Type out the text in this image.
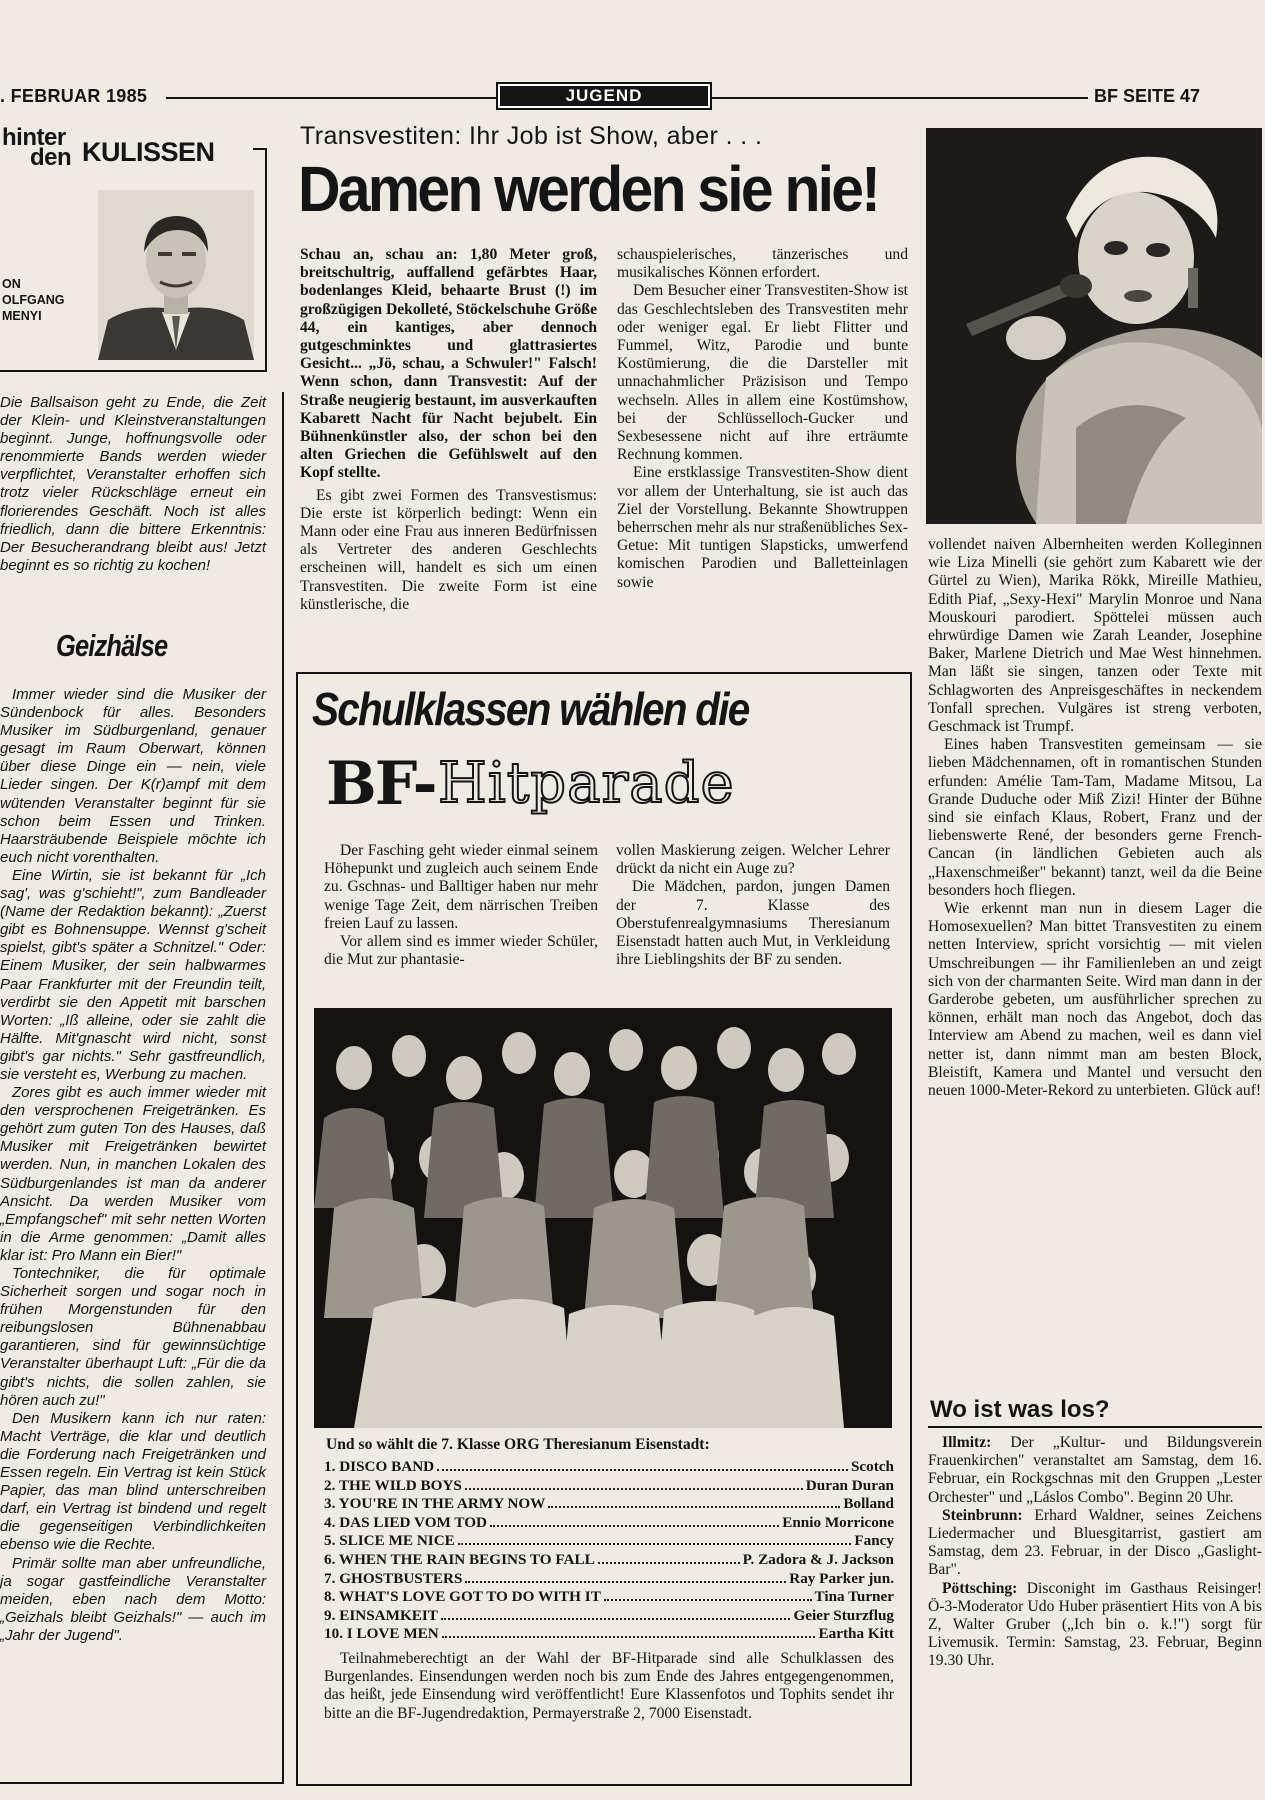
. FEBRUAR 1985	JUGEND	BF SEITE 47
hinter
den KULISSEN
ON
OLFGANG
MENYI
Die Ballsaison geht zu Ende, die Zeit der Klein- und Kleinstveranstaltungen beginnt. Junge, hoffnungsvolle oder renommierte Bands werden wieder verpflichtet, Veranstalter erhoffen sich trotz vieler Rückschläge erneut ein florierendes Geschäft. Noch ist alles friedlich, dann die bittere Erkenntnis: Der Besucherandrang bleibt aus! Jetzt beginnt es so richtig zu kochen!
Geizhälse

Immer wieder sind die Musiker der Sündenbock für alles. Besonders Musiker im Südburgenland, genauer gesagt im Raum Oberwart, können über diese Dinge ein — nein, viele Lieder singen. Der K(r)ampf mit dem wütenden Veranstalter beginnt für sie schon beim Essen und Trinken. Haarsträubende Beispiele möchte ich euch nicht vorenthalten.

Eine Wirtin, sie ist bekannt für „Ich sag', was g'schieht!", zum Bandleader (Name der Redaktion bekannt): „Zuerst gibt es Bohnensuppe. Wennst g'scheit spielst, gibt's später a Schnitzel." Oder: Einem Musiker, der sein halbwarmes Paar Frankfurter mit der Freundin teilt, verdirbt sie den Appetit mit barschen Worten: „Iß alleine, oder sie zahlt die Hälfte. Mit'gnascht wird nicht, sonst gibt's gar nichts." Sehr gastfreundlich, sie versteht es, Werbung zu machen.

Zores gibt es auch immer wieder mit den versprochenen Freigetränken. Es gehört zum guten Ton des Hauses, daß Musiker mit Freigetränken bewirtet werden. Nun, in manchen Lokalen des Südburgenlandes ist man da anderer Ansicht. Da werden Musiker vom „Empfangschef" mit sehr netten Worten in die Arme genommen: „Damit alles klar ist: Pro Mann ein Bier!"

Tontechniker, die für optimale Sicherheit sorgen und sogar noch in frühen Morgenstunden für den reibungslosen Bühnenabbau garantieren, sind für gewinnsüchtige Veranstalter überhaupt Luft: „Für die da gibt's nichts, die sollen zahlen, sie hören auch zu!"

Den Musikern kann ich nur raten: Macht Verträge, die klar und deutlich die Forderung nach Freigetränken und Essen regeln. Ein Vertrag ist kein Stück Papier, das man blind unterschreiben darf, ein Vertrag ist bindend und regelt die gegenseitigen Verbindlichkeiten ebenso wie die Rechte.

Primär sollte man aber unfreundliche, ja sogar gastfeindliche Veranstalter meiden, eben nach dem Motto: „Geizhals bleibt Geizhals!" — auch im „Jahr der Jugend".

Transvestiten: Ihr Job ist Show, aber . . .
Damen werden sie nie!

Schau an, schau an: 1,80 Meter groß, breitschultrig, auffallend gefärbtes Haar, bodenlanges Kleid, behaarte Brust (!) im großzügigen Dekolleté, Stöckelschuhe Größe 44, ein kantiges, aber dennoch gutgeschminktes und glattrasiertes Gesicht... „Jö, schau, a Schwuler!" Falsch! Wenn schon, dann Transvestit: Auf der Straße neugierig bestaunt, im ausverkauften Kabarett Nacht für Nacht bejubelt. Ein Bühnenkünstler also, der schon bei den alten Griechen die Gefühlswelt auf den Kopf stellte.

Es gibt zwei Formen des Transvestismus: Die erste ist körperlich bedingt: Wenn ein Mann oder eine Frau aus inneren Bedürfnissen als Vertreter des anderen Geschlechts erscheinen will, handelt es sich um einen Transvestiten. Die zweite Form ist eine künstlerische, die

schauspielerisches, tänzerisches und musikalisches Können erfordert.

Dem Besucher einer Transvestiten-Show ist das Geschlechtsleben des Transvestiten mehr oder weniger egal. Er liebt Flitter und Fummel, Witz, Parodie und bunte Kostümierung, die die Darsteller mit unnachahmlicher Präzisison und Tempo wechseln. Alles in allem eine Kostümshow, bei der Schlüsselloch-Gucker und Sexbesessene nicht auf ihre erträumte Rechnung kommen.

Eine erstklassige Transvestiten-Show dient vor allem der Unterhaltung, sie ist auch das Ziel der Vorstellung. Bekannte Showtruppen beherrschen mehr als nur straßenübliches Sex-Getue: Mit tuntigen Slapsticks, umwerfend komischen Parodien und Balletteinlagen sowie

vollendet naiven Albernheiten werden Kolleginnen wie Liza Minelli (sie gehört zum Kabarett wie der Gürtel zu Wien), Marika Rökk, Mireille Mathieu, Edith Piaf, „Sexy-Hexi" Marylin Monroe und Nana Mouskouri parodiert. Spöttelei müssen auch ehrwürdige Damen wie Zarah Leander, Josephine Baker, Marlene Dietrich und Mae West hinnehmen. Man läßt sie singen, tanzen oder Texte mit Schlagworten des Anpreisgeschäftes in neckendem Tonfall sprechen. Vulgäres ist streng verboten, Geschmack ist Trumpf.

Eines haben Transvestiten gemeinsam — sie lieben Mädchennamen, oft in romantischen Stunden erfunden: Amélie Tam-Tam, Madame Mitsou, La Grande Duduche oder Miß Zizi! Hinter der Bühne sind sie einfach Klaus, Robert, Franz und der liebenswerte René, der besonders gerne French-Cancan (in ländlichen Gebieten auch als „Haxenschmeißer" bekannt) tanzt, weil da die Beine besonders hoch fliegen.

Wie erkennt man nun in diesem Lager die Homosexuellen? Man bittet Transvestiten zu einem netten Interview, spricht vorsichtig — mit vielen Umschreibungen — ihr Familienleben an und zeigt sich von der charmanten Seite. Wird man dann in der Garderobe gebeten, um ausführlicher sprechen zu können, erhält man noch das Angebot, doch das Interview am Abend zu machen, weil es dann viel netter ist, dann nimmt man am besten Block, Bleistift, Kamera und Mantel und versucht den neuen 1000-Meter-Rekord zu unterbieten. Glück auf!

Schulklassen wählen die
BF- Hitparade

Der Fasching geht wieder einmal seinem Höhepunkt und zugleich auch seinem Ende zu. Gschnas- und Balltiger haben nur mehr wenige Tage Zeit, dem närrischen Treiben freien Lauf zu lassen.

Vor allem sind es immer wieder Schüler, die Mut zur phantasie-

vollen Maskierung zeigen. Welcher Lehrer drückt da nicht ein Auge zu?

Die Mädchen, pardon, jungen Damen der 7. Klasse des Oberstufenrealgymnasiums Theresianum Eisenstadt hatten auch Mut, in Verkleidung ihre Lieblingshits der BF zu senden.

Und so wählt die 7. Klasse ORG Theresianum Eisenstadt:
1. DISCO BAND	Scotch
2. THE WILD BOYS	Duran Duran
3. YOU'RE IN THE ARMY NOW	Bolland
4. DAS LIED VOM TOD	Ennio Morricone
5. SLICE ME NICE	Fancy
6. WHEN THE RAIN BEGINS TO FALL	P. Zadora & J. Jackson
7. GHOSTBUSTERS	Ray Parker jun.
8. WHAT'S LOVE GOT TO DO WITH IT	Tina Turner
9. EINSAMKEIT	Geier Sturzflug
10. I LOVE MEN	Eartha Kitt
Teilnahmeberechtigt an der Wahl der BF-Hitparade sind alle Schulklassen des Burgenlandes. Einsendungen werden noch bis zum Ende des Jahres entgegengenommen, das heißt, jede Einsendung wird veröffentlicht! Eure Klassenfotos und Tophits sendet ihr bitte an die BF-Jugendredaktion, Permayerstraße 2, 7000 Eisenstadt.
Wo ist was los?

Illmitz: Der „Kultur- und Bildungsverein Frauenkirchen" veranstaltet am Samstag, dem 16. Februar, ein Rockgschnas mit den Gruppen „Lester Orchester" und „Láslos Combo". Beginn 20 Uhr.

Steinbrunn: Erhard Waldner, seines Zeichens Liedermacher und Bluesgitarrist, gastiert am Samstag, dem 23. Februar, in der Disco „Gaslight-Bar".

Pöttsching: Disconight im Gasthaus Reisinger! Ö-3-Moderator Udo Huber präsentiert Hits von A bis Z, Walter Gruber („Ich bin o. k.!") sorgt für Livemusik. Termin: Samstag, 23. Februar, Beginn 19.30 Uhr.
